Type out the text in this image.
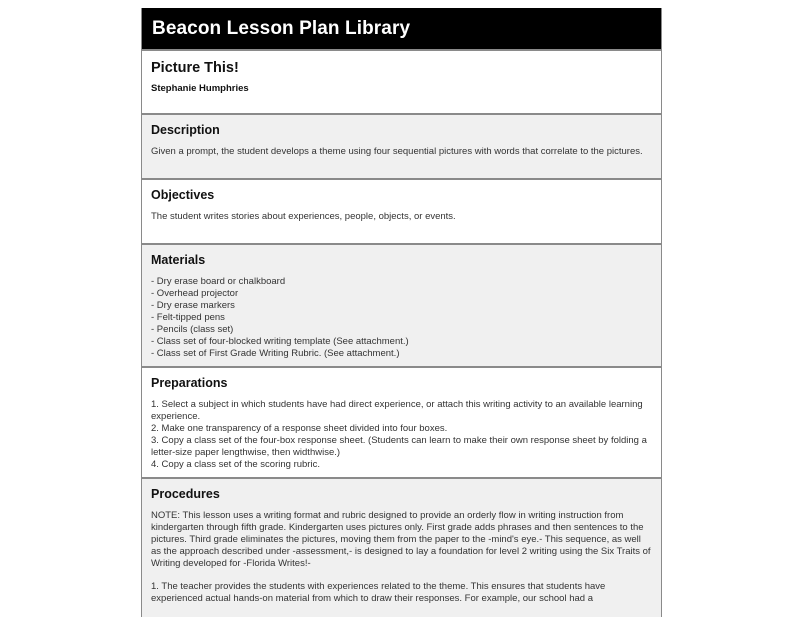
Beacon Lesson Plan Library
Picture This!
Stephanie Humphries
Description

Given a prompt, the student develops a theme using four sequential pictures with words that correlate to the pictures.

Objectives

The student writes stories about experiences, people, objects, or events.

Materials
- Dry erase board or chalkboard
- Overhead projector
- Dry erase markers
- Felt-tipped pens
- Pencils (class set)
- Class set of four-blocked writing template (See attachment.)
- Class set of First Grade Writing Rubric. (See attachment.)
Preparations
1. Select a subject in which students have had direct experience, or attach this writing activity to an available learning experience.
2. Make one transparency of a response sheet divided into four boxes.
3. Copy a class set of the four-box response sheet. (Students can learn to make their own response sheet by folding a letter-size paper lengthwise, then widthwise.)
4. Copy a class set of the scoring rubric.
Procedures

NOTE: This lesson uses a writing format and rubric designed to provide an orderly flow in writing instruction from kindergarten through fifth grade. Kindergarten uses pictures only. First grade adds phrases and then sentences to the pictures. Third grade eliminates the pictures, moving them from the paper to the -mind's eye.- This sequence, as well as the approach described under -assessment,- is designed to lay a foundation for level 2 writing using the Six Traits of Writing developed for -Florida Writes!-

1. The teacher provides the students with experiences related to the theme. This ensures that students have experienced actual hands-on material from which to draw their responses. For example, our school had a
